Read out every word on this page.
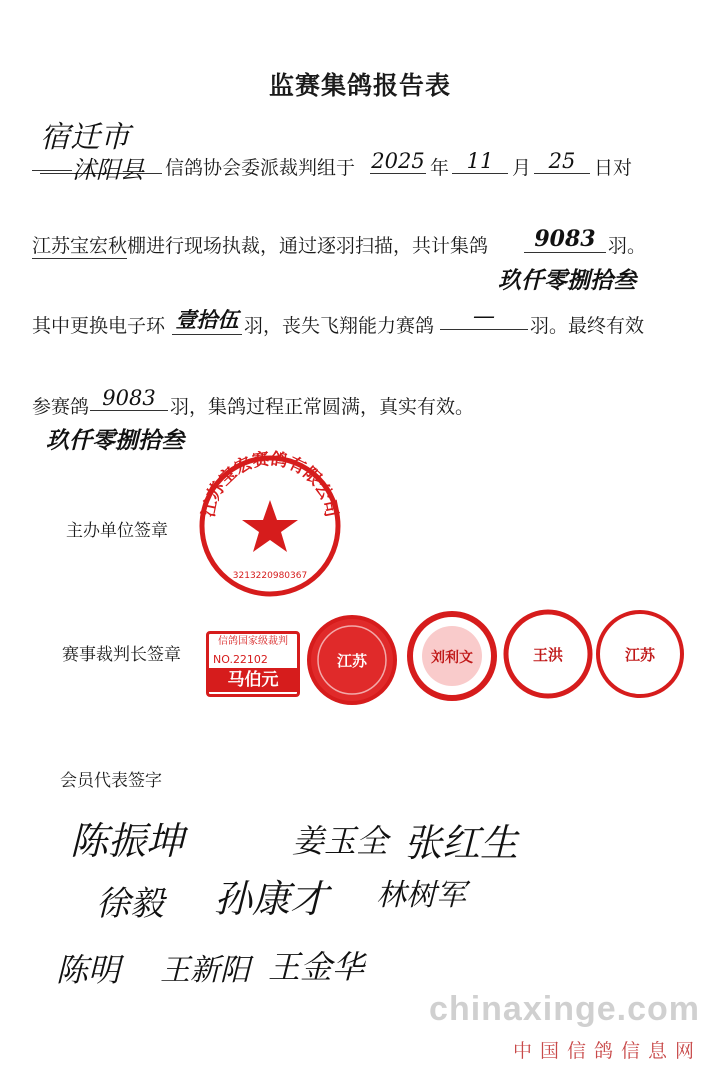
监赛集鸽报告表
宿迁市
沭阳县 信鸽协会委派裁判组于 2025 年 11 月 25 日对
江苏宝宏秋 棚进行现场执裁，通过逐羽扫描，共计集鸽	9083 羽。
玖仟零捌拾叁
其中更换电子环 壹拾伍 羽，丧失飞翔能力赛鸽	—	羽。最终有效
参赛鸽 9083 羽，集鸽过程正常圆满，真实有效。
玖仟零捌拾叁
主办单位签章
江苏宝宏赛鸽有限公司
3213220980367
赛事裁判长签章
信鸽国家级裁判
NO.22102
马伯元
江苏	刘利文	王洪	江苏
会员代表签字
陈振坤	姜玉全 张红生
徐毅 孙康才 林树军
陈明 王新阳 王金华
chinaxinge.com
中国信鸽信息网
